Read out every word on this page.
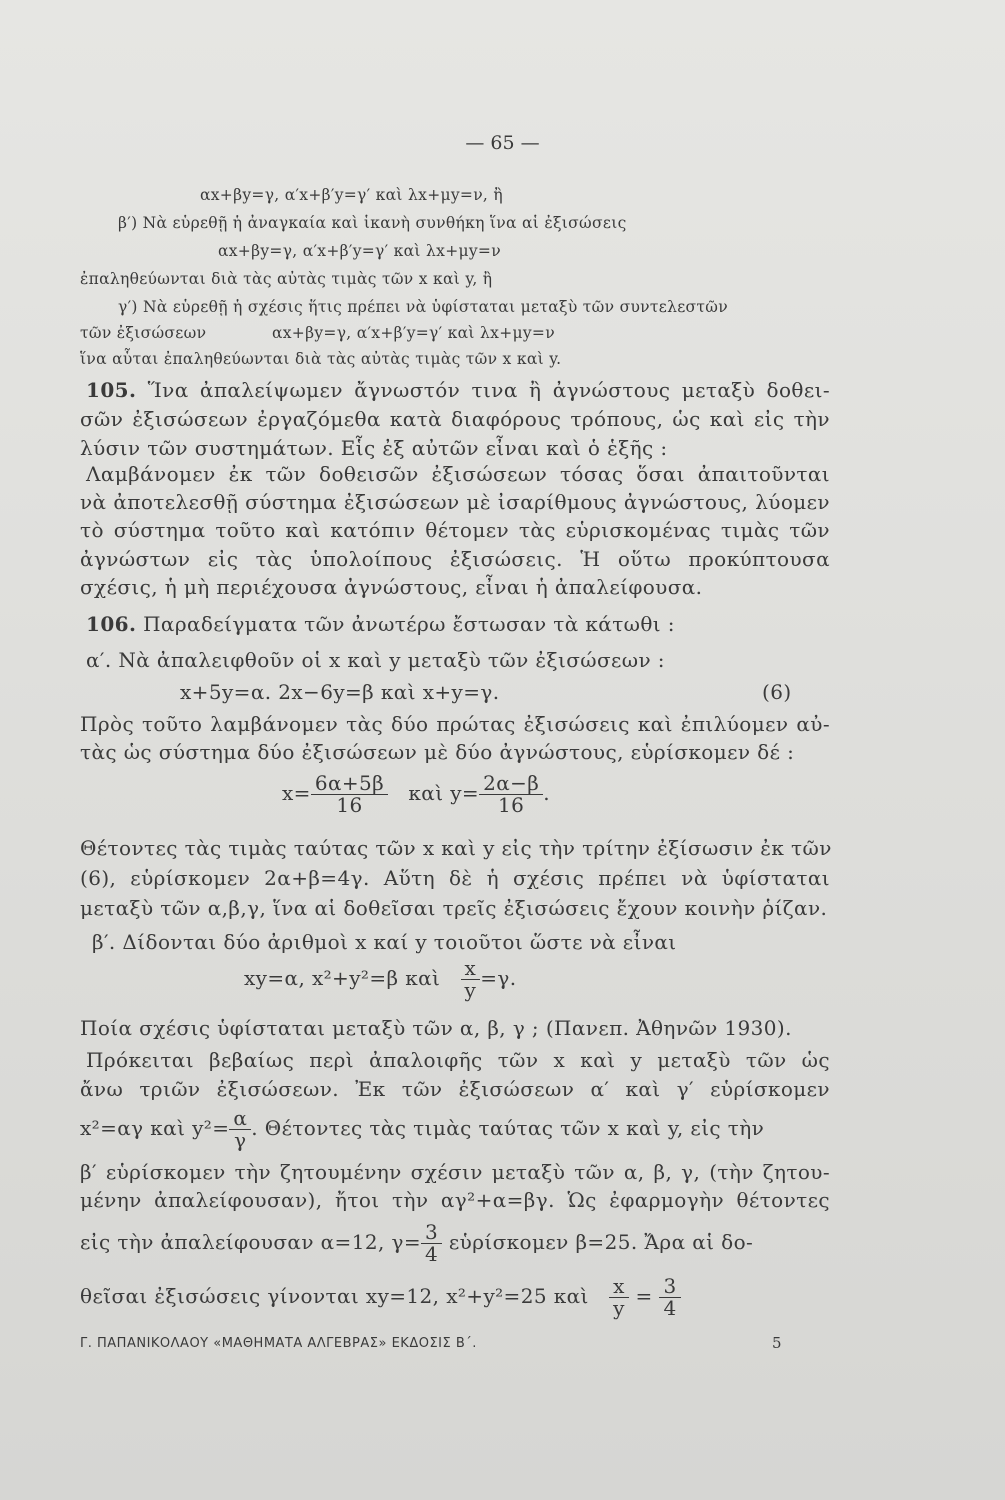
— 65 —
αx+βy=γ, α′x+β′y=γ′ καὶ λx+μy=ν, ἢ
β′) Νὰ εὑρεθῇ ἡ ἀναγκαία καὶ ἱκανὴ συνθήκη ἵνα αἱ ἐξισώσεις
αx+βy=γ, α′x+β′y=γ′ καὶ λx+μy=ν
ἐπαληθεύωνται διὰ τὰς αὐτὰς τιμὰς τῶν x καὶ y, ἢ
γ′) Νὰ εὑρεθῇ ἡ σχέσις ἥτις πρέπει νὰ ὑφίσταται μεταξὺ τῶν συντελεστῶν
τῶν ἐξισώσεων	αx+βy=γ, α′x+β′y=γ′ καὶ λx+μy=ν
ἵνα αὗται ἐπαληθεύωνται διὰ τὰς αὐτὰς τιμὰς τῶν x καὶ y.
105. Ἵνα ἀπαλείψωμεν ἄγνωστόν τινα ἢ ἀγνώστους μεταξὺ δοθει-
σῶν ἐξισώσεων ἐργαζόμεθα κατὰ διαφόρους τρόπους, ὡς καὶ εἰς τὴν
λύσιν τῶν συστημάτων. Εἷς ἐξ αὐτῶν εἶναι καὶ ὁ ἑξῆς :
Λαμβάνομεν ἐκ τῶν δοθεισῶν ἐξισώσεων τόσας ὅσαι ἀπαιτοῦνται
νὰ ἀποτελεσθῇ σύστημα ἐξισώσεων μὲ ἰσαρίθμους ἀγνώστους, λύομεν
τὸ σύστημα τοῦτο καὶ κατόπιν θέτομεν τὰς εὑρισκομένας τιμὰς τῶν
ἀγνώστων εἰς τὰς ὑπολοίπους ἐξισώσεις. Ἡ οὕτω προκύπτουσα
σχέσις, ἡ μὴ περιέχουσα ἀγνώστους, εἶναι ἡ ἀπαλείφουσα.
106. Παραδείγματα τῶν ἀνωτέρω ἔστωσαν τὰ κάτωθι :
α′. Νὰ ἀπαλειφθοῦν οἱ x καὶ y μεταξὺ τῶν ἐξισώσεων :
x+5y=α. 2x−6y=β καὶ x+y=γ.	(6)
Πρὸς τοῦτο λαμβάνομεν τὰς δύο πρώτας ἐξισώσεις καὶ ἐπιλύομεν αὐ-
τὰς ὡς σύστημα δύο ἐξισώσεων μὲ δύο ἀγνώστους, εὑρίσκομεν δέ :
$x= \frac{6\alpha+5\beta}{16}$ καὶ $y= \frac{2\alpha-\beta}{16}$ .
Θέτοντες τὰς τιμὰς ταύτας τῶν x καὶ y εἰς τὴν τρίτην ἐξίσωσιν ἐκ τῶν
(6), εὑρίσκομεν 2α+β=4γ. Αὕτη δὲ ἡ σχέσις πρέπει νὰ ὑφίσταται
μεταξὺ τῶν α,β,γ, ἵνα αἱ δοθεῖσαι τρεῖς ἐξισώσεις ἔχουν κοινὴν ῥίζαν.
β′. Δίδονται δύο ἀριθμοὶ x καί y τοιοῦτοι ὥστε νὰ εἶναι
xy=α, x²+y²=β καὶ $\frac{x}{y} =\gamma$.
Ποία σχέσις ὑφίσταται μεταξὺ τῶν α, β, γ ; (Πανεπ. Ἀθηνῶν 1930).
Πρόκειται βεβαίως περὶ ἀπαλοιφῆς τῶν x καὶ y μεταξὺ τῶν ὡς
ἄνω τριῶν ἐξισώσεων. Ἐκ τῶν ἐξισώσεων α′ καὶ γ′ εὑρίσκομεν
x²=αγ καὶ $y^2= \frac{\alpha}{\gamma}$ . Θέτοντες τὰς τιμὰς ταύτας τῶν x καὶ y, εἰς τὴν
β′ εὑρίσκομεν τὴν ζητουμένην σχέσιν μεταξὺ τῶν α, β, γ, (τὴν ζητου-
μένην ἀπαλείφουσαν), ἤτοι τὴν αγ²+α=βγ. Ὡς ἐφαρμογὴν θέτοντες
εἰς τὴν ἀπαλείφουσαν α=12, $\gamma= \frac{3}{4}$ εὑρίσκομεν β=25. Ἄρα αἱ δο-
θεῖσαι ἐξισώσεις γίνονται xy=12, x²+y²=25 καὶ $\frac{x}{y} = \frac{3}{4}$
Γ. ΠΑΠΑΝΙΚΟΛΑΟΥ «ΜΑΘΗΜΑΤΑ ΑΛΓΕΒΡΑΣ» ΕΚΔΟΣΙΣ Β΄.	5
